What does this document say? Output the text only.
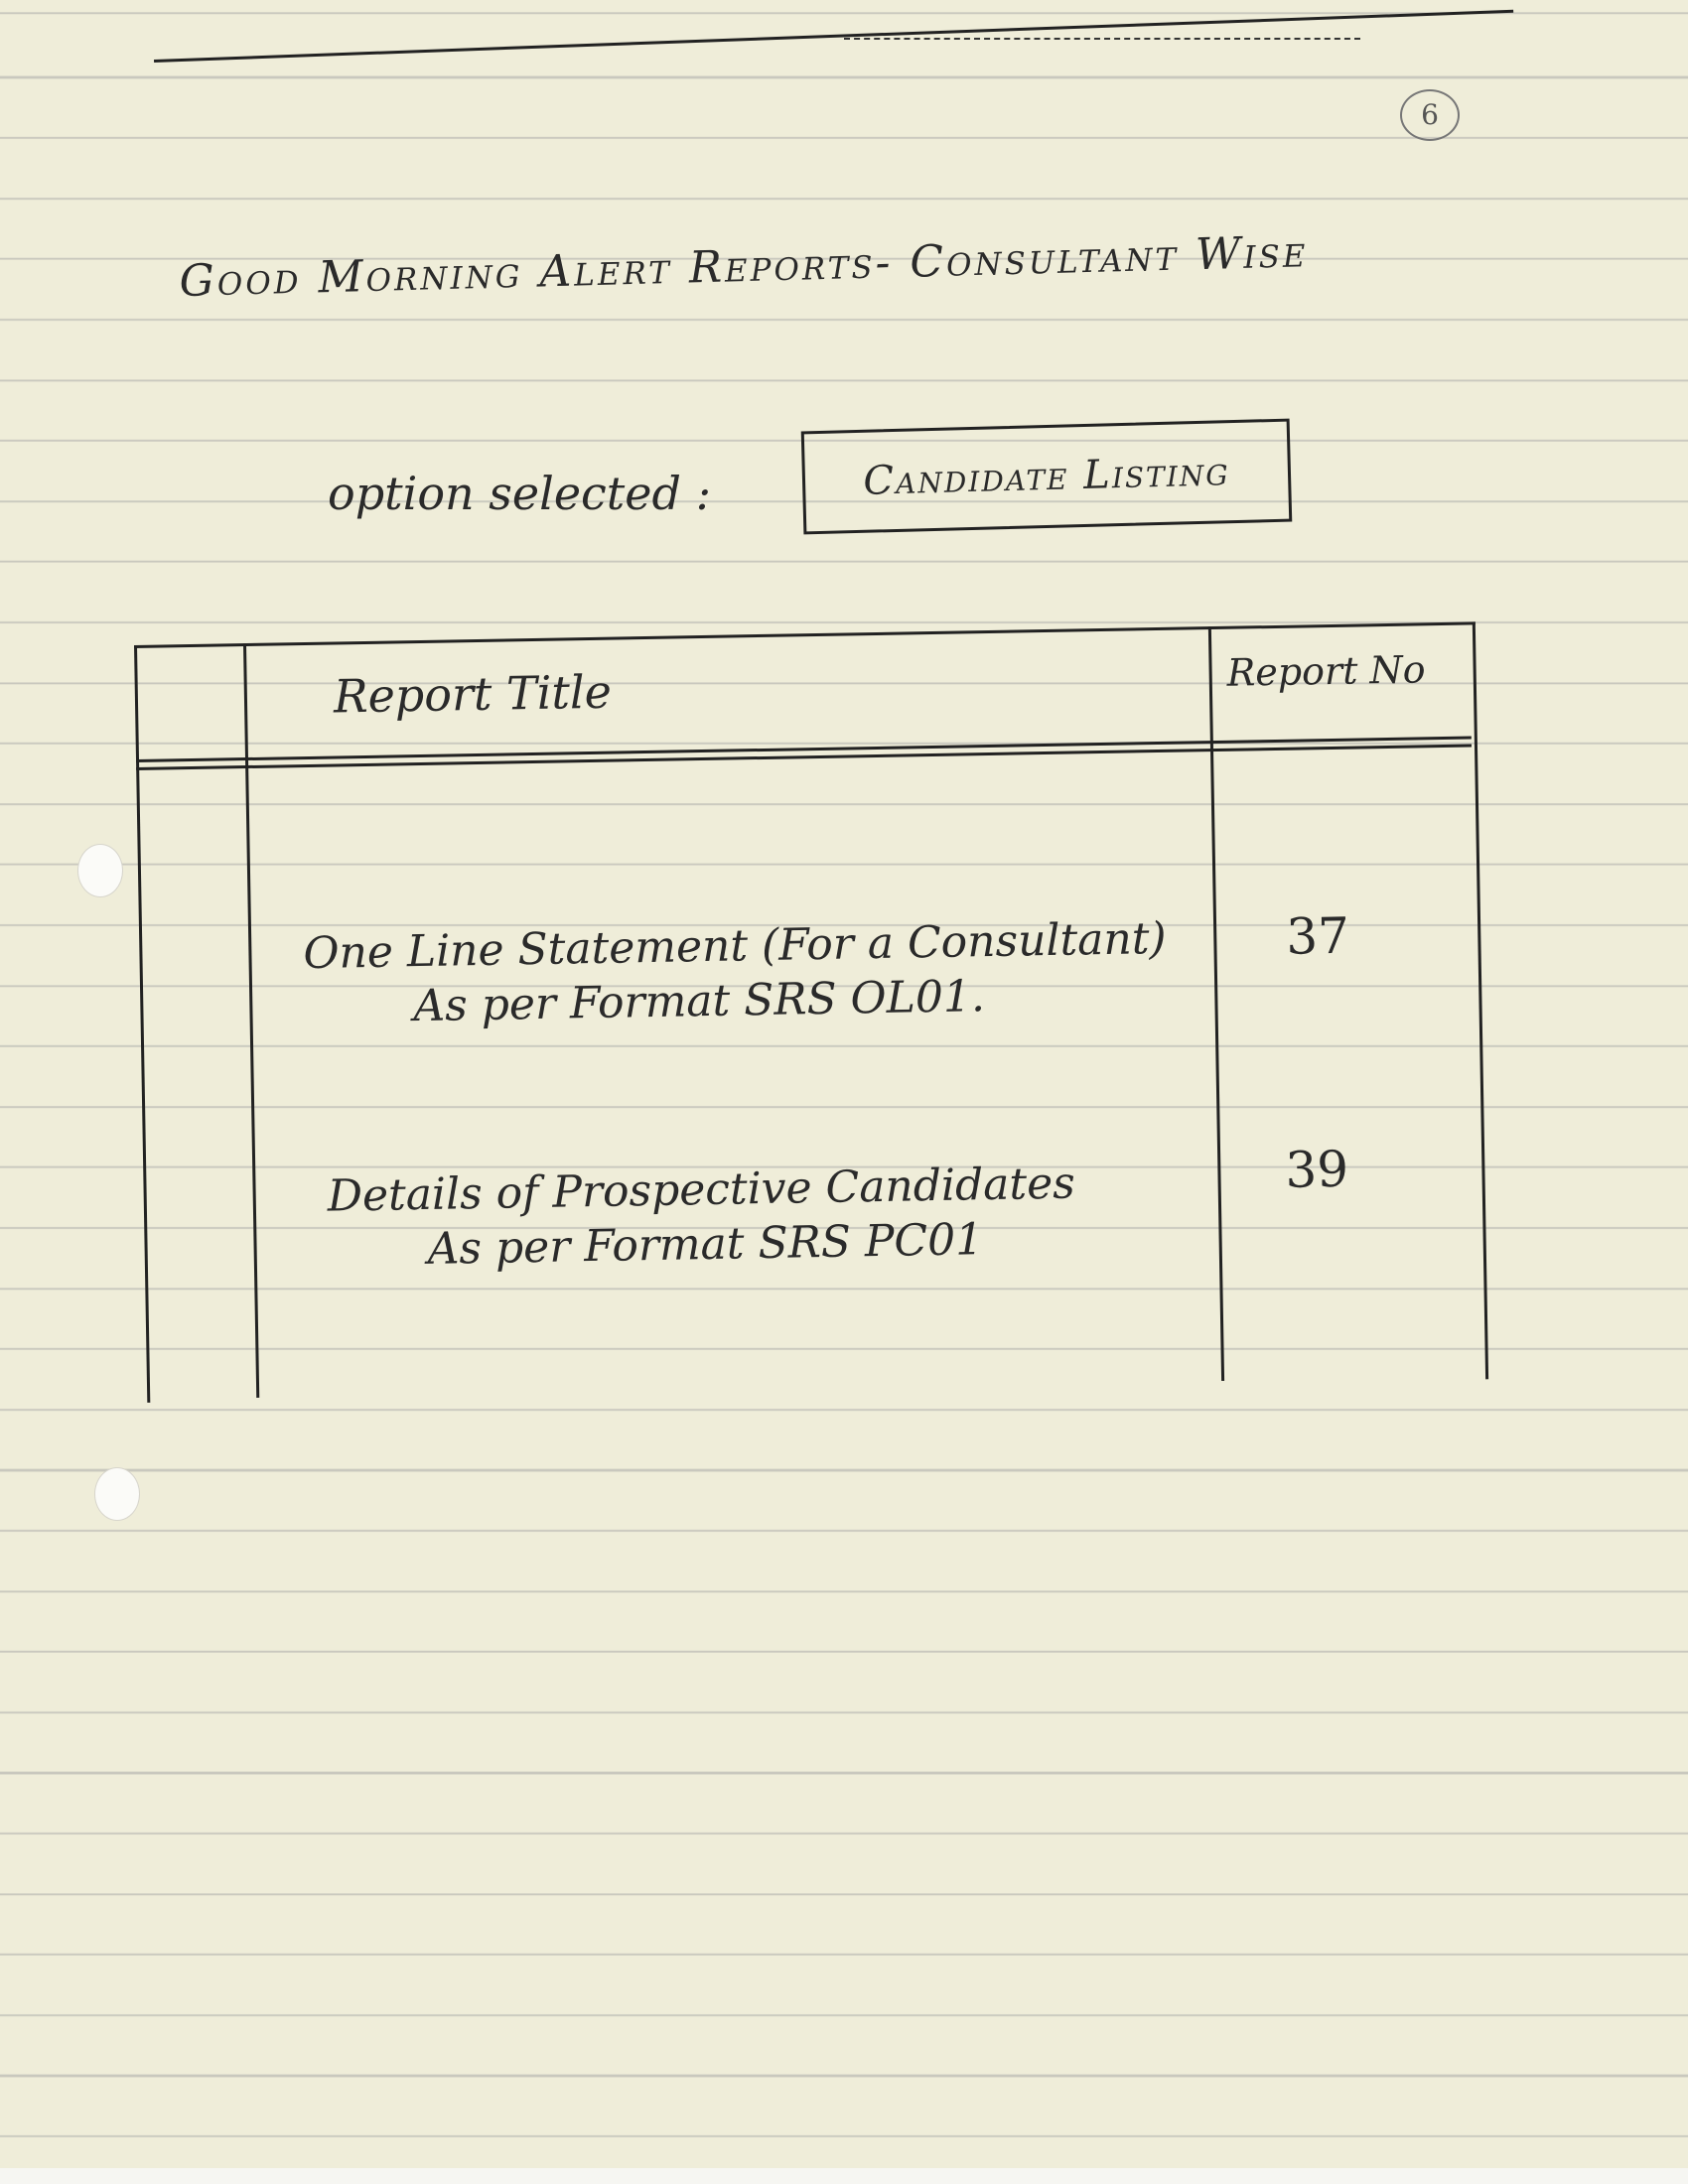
6
Good Morning Alert Reports- Consultant Wise
option selected :	Candidate Listing
Report Title	Report No
One Line Statement (For a Consultant)
As per Format SRS OL01.
37
Details of Prospective Candidates
As per Format SRS PC01
39
